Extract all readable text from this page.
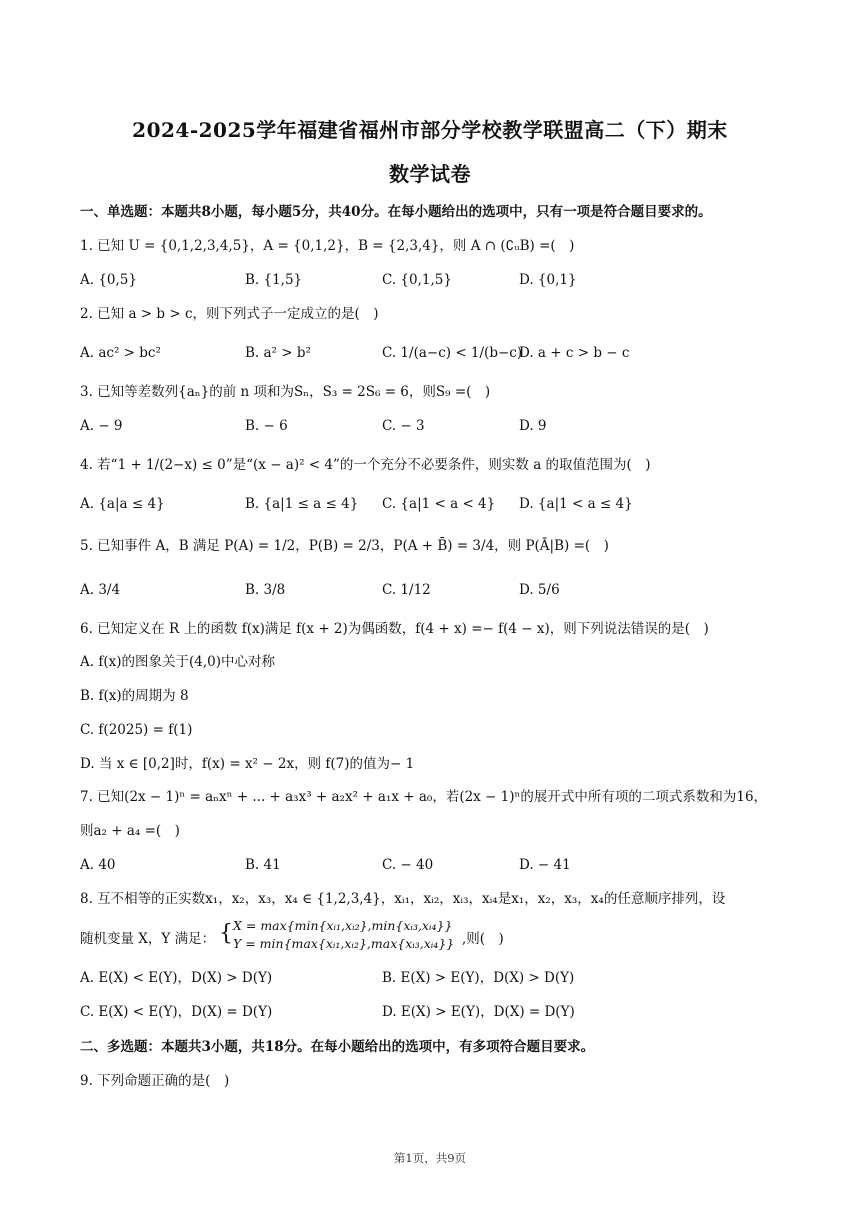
2024-2025学年福建省福州市部分学校教学联盟高二（下）期末
数学试卷
一、单选题：本题共8小题，每小题5分，共40分。在每小题给出的选项中，只有一项是符合题目要求的。
1. 已知 U = {0,1,2,3,4,5}，A = {0,1,2}，B = {2,3,4}，则 A ∩ (∁ᵤB) =(　)
A. {0,5}	B. {1,5}	C. {0,1,5}	D. {0,1}
2. 已知 a > b > c，则下列式子一定成立的是(　)
A. ac² > bc²	B. a² > b²	C. 1/(a−c) < 1/(b−c)
D. a + c > b − c
3. 已知等差数列{aₙ}的前 n 项和为Sₙ，S₃ = 2S₆ = 6，则S₉ =(　)
A. − 9	B. − 6	C. − 3	D. 9
4. 若“1 + 1/(2−x) ≤ 0”是“(x − a)² < 4”的一个充分不必要条件，则实数 a 的取值范围为(　)
A. {a|a ≤ 4}	B. {a|1 ≤ a ≤ 4} C. {a|1 < a < 4} D. {a|1 < a ≤ 4}
5. 已知事件 A，B 满足 P(A) = 1/2，P(B) = 2/3，P(A + B̄) = 3/4，则 P(Ā|B) =(　)
A. 3/4	B. 3/8	C. 1/12	D. 5/6
6. 已知定义在 R 上的函数 f(x)满足 f(x + 2)为偶函数，f(4 + x) =− f(4 − x)，则下列说法错误的是(　)
A. f(x)的图象关于(4,0)中心对称
B. f(x)的周期为 8
C. f(2025) = f(1)
D. 当 x ∈ [0,2]时，f(x) = x² − 2x，则 f(7)的值为− 1
7. 已知(2x − 1)ⁿ = aₙxⁿ + ... + a₃x³ + a₂x² + a₁x + a₀，若(2x − 1)ⁿ的展开式中所有项的二项式系数和为16，
则a₂ + a₄ =(　)
A. 40	B. 41	C. − 40	D. − 41
8. 互不相等的正实数x₁，x₂，x₃，x₄ ∈ {1,2,3,4}，xᵢ₁，xᵢ₂，xᵢ₃，xᵢ₄是x₁，x₂，x₃，x₄的任意顺序排列，设
随机变量 X，Y 满足： { X = max{min{xᵢ₁,xᵢ₂},min{xᵢ₃,xᵢ₄}}
Y = min{max{xᵢ₁,xᵢ₂},max{xᵢ₃,xᵢ₄}} ,则(　)
A. E(X) < E(Y)，D(X) > D(Y)	B. E(X) > E(Y)，D(X) > D(Y)
C. E(X) < E(Y)，D(X) = D(Y)	D. E(X) > E(Y)，D(X) = D(Y)
二、多选题：本题共3小题，共18分。在每小题给出的选项中，有多项符合题目要求。
9. 下列命题正确的是(　)
第1页，共9页
